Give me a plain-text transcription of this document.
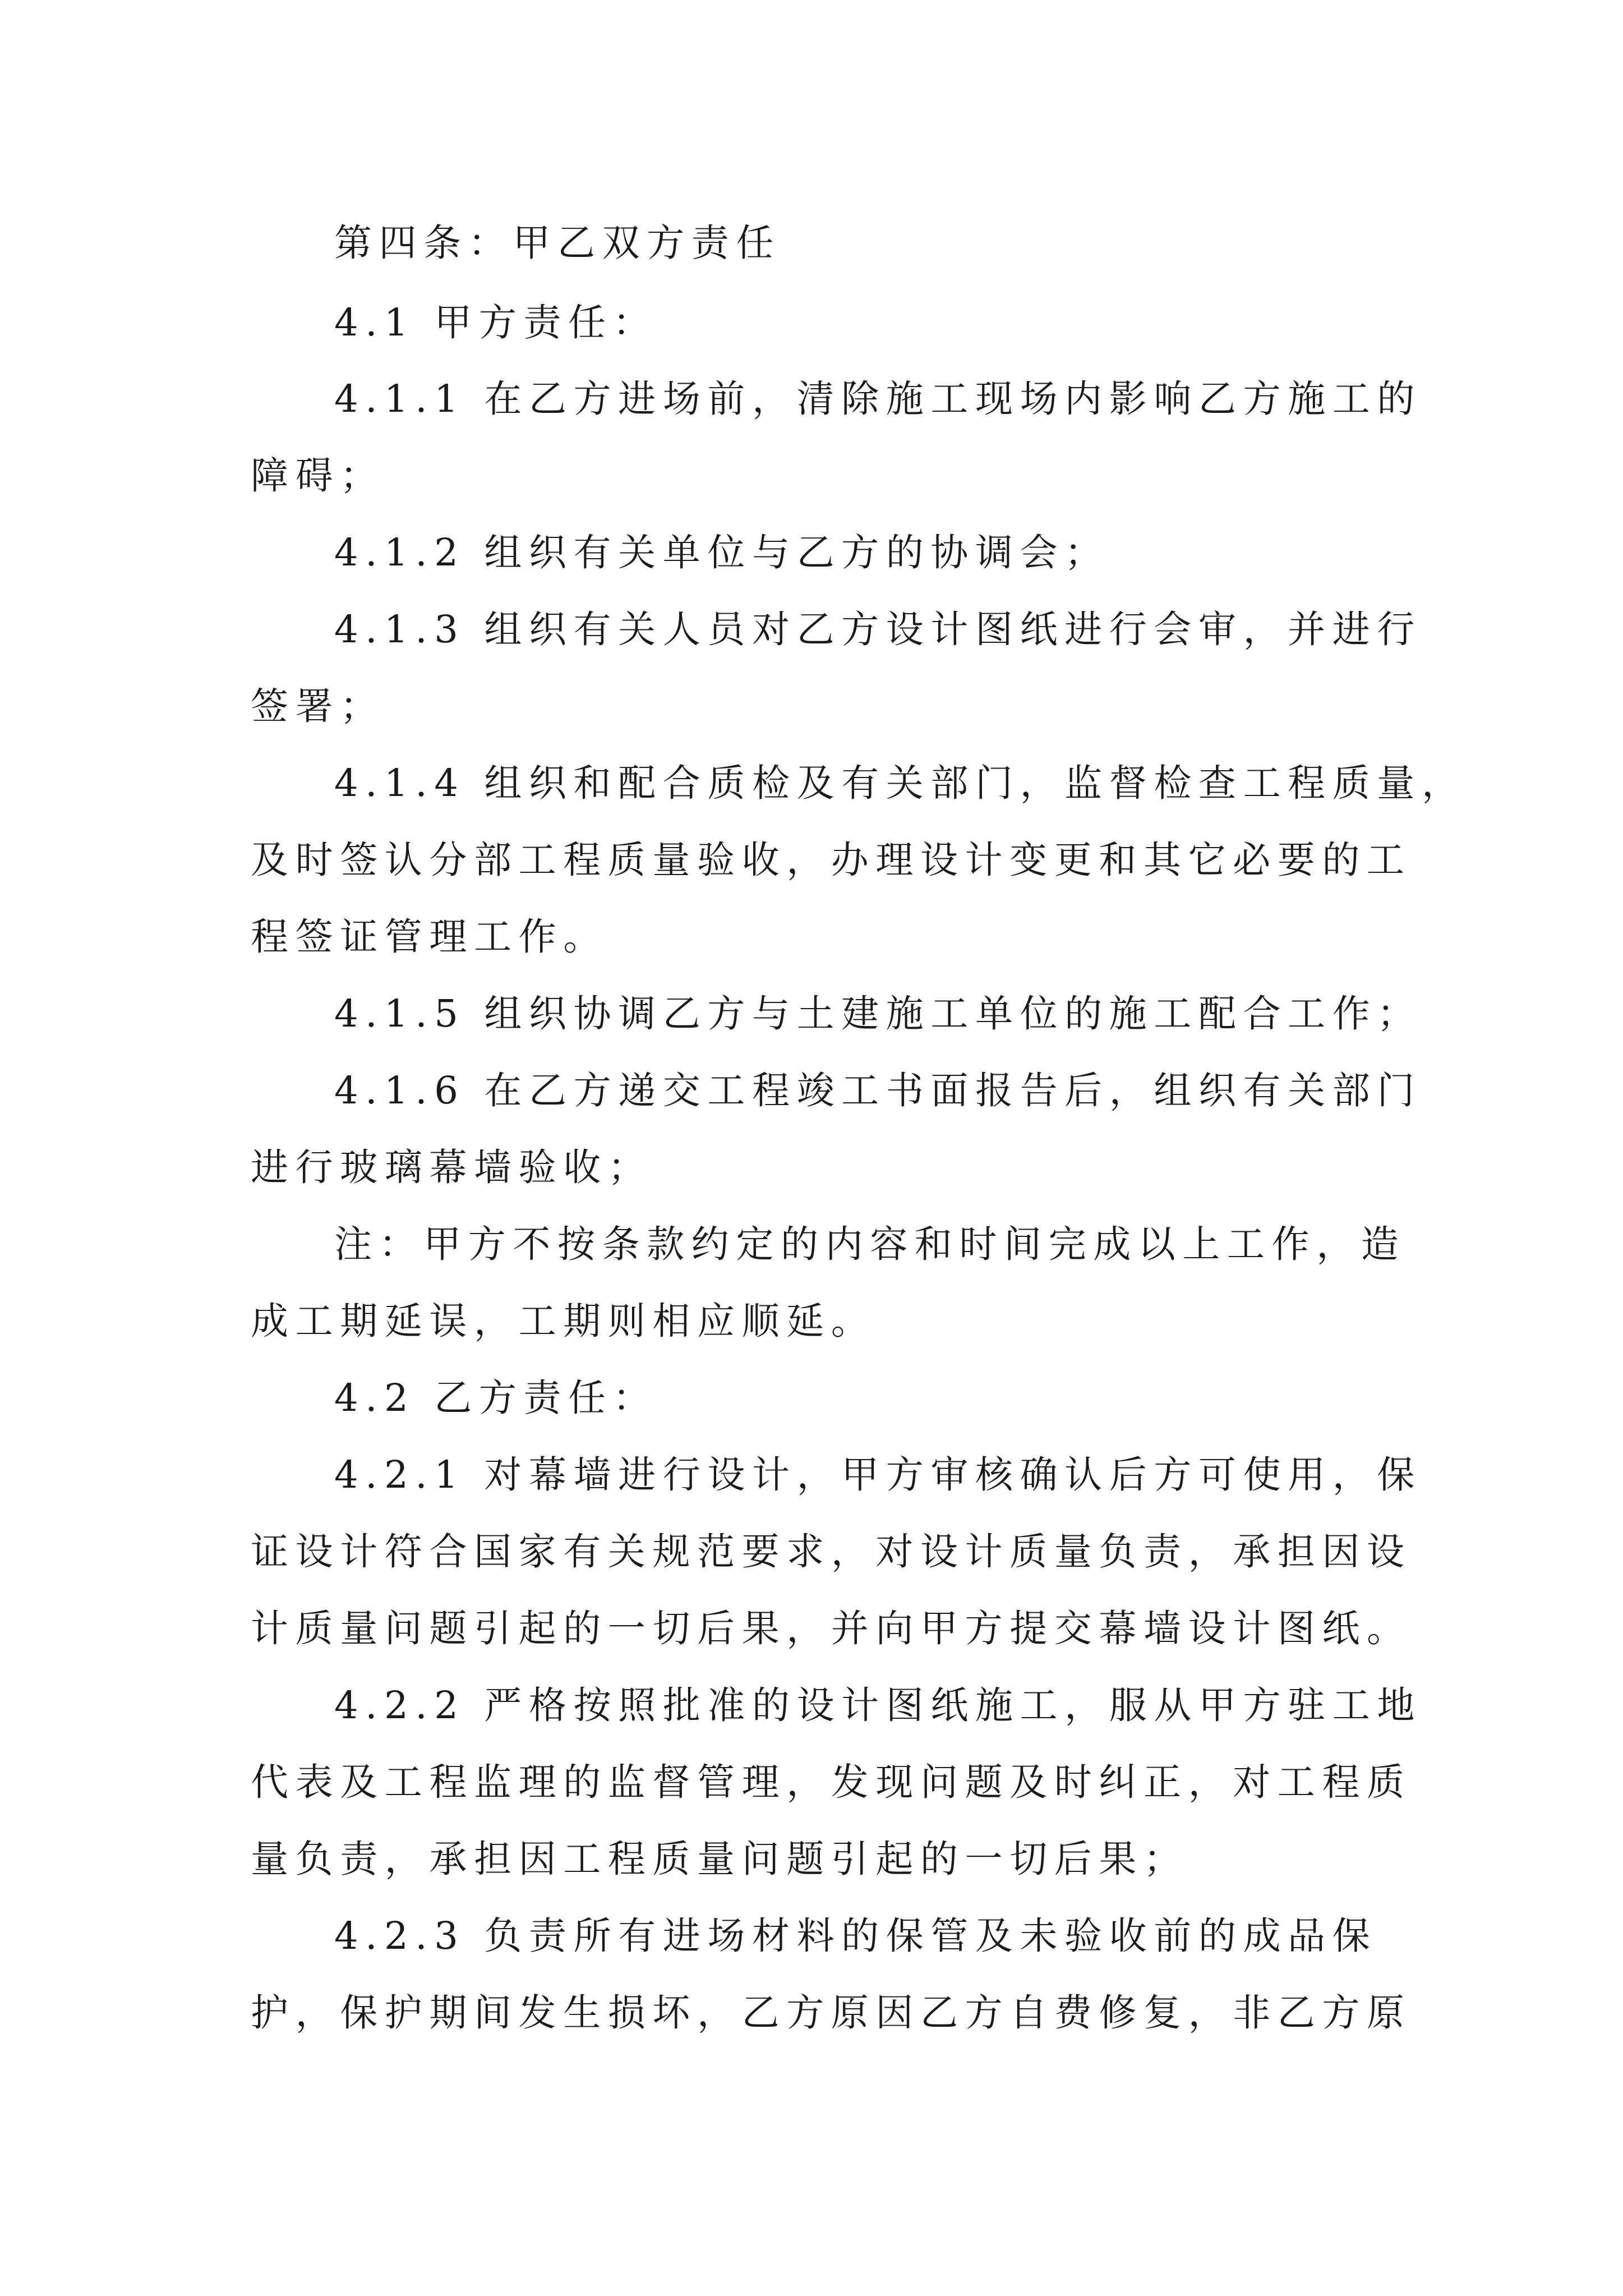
第四条：甲乙双方责任

4.1 甲方责任：

4.1.1 在乙方进场前，清除施工现场内影响乙方施工的

障碍；

4.1.2 组织有关单位与乙方的协调会；

4.1.3 组织有关人员对乙方设计图纸进行会审，并进行

签署；

4.1.4 组织和配合质检及有关部门，监督检查工程质量，

及时签认分部工程质量验收，办理设计变更和其它必要的工

程签证管理工作。

4.1.5 组织协调乙方与土建施工单位的施工配合工作；

4.1.6 在乙方递交工程竣工书面报告后，组织有关部门

进行玻璃幕墙验收；

注：甲方不按条款约定的内容和时间完成以上工作，造

成工期延误，工期则相应顺延。

4.2 乙方责任：

4.2.1 对幕墙进行设计，甲方审核确认后方可使用，保

证设计符合国家有关规范要求，对设计质量负责，承担因设

计质量问题引起的一切后果，并向甲方提交幕墙设计图纸。

4.2.2 严格按照批准的设计图纸施工，服从甲方驻工地

代表及工程监理的监督管理，发现问题及时纠正，对工程质

量负责，承担因工程质量问题引起的一切后果；

4.2.3 负责所有进场材料的保管及未验收前的成品保

护，保护期间发生损坏，乙方原因乙方自费修复，非乙方原
